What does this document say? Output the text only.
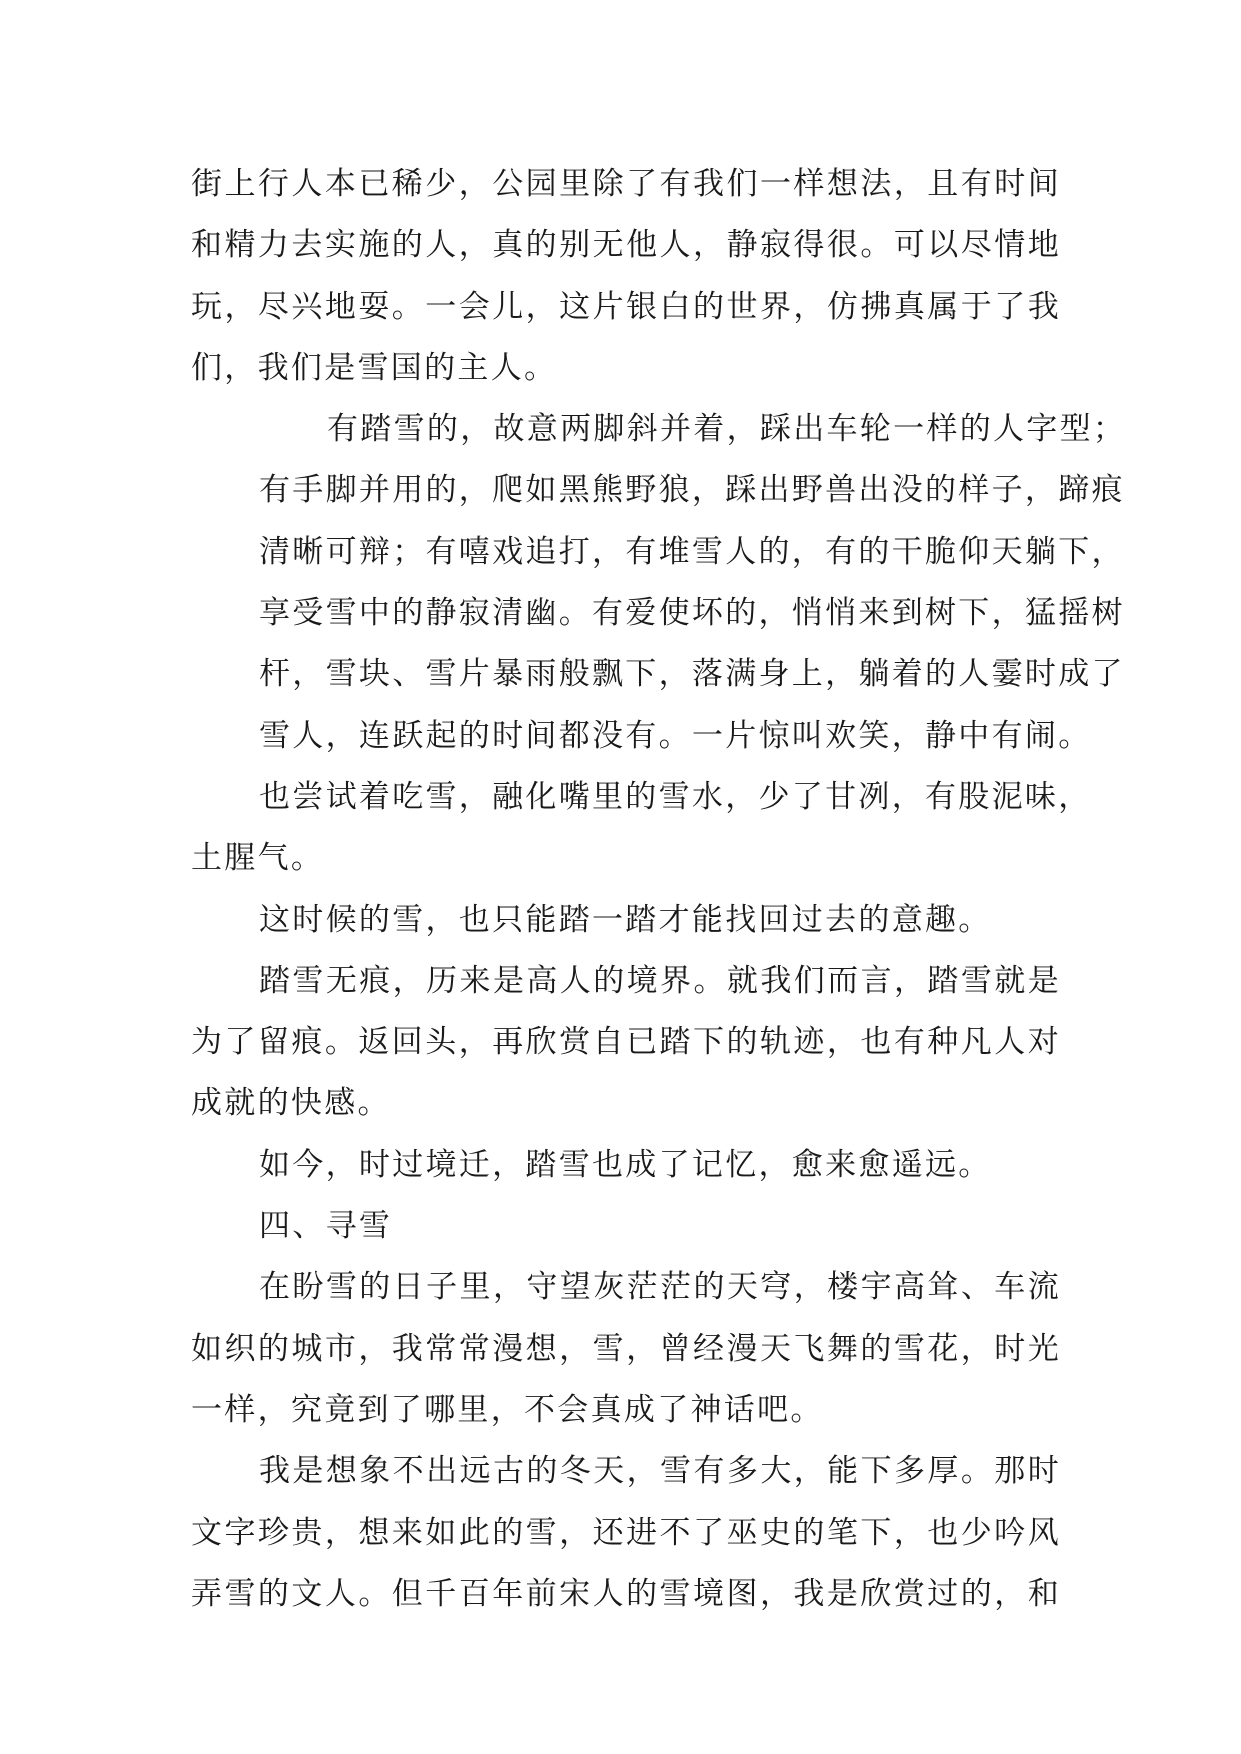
街上行人本已稀少，公园里除了有我们一样想法，且有时间
和精力去实施的人，真的别无他人，静寂得很。可以尽情地
玩，尽兴地耍。一会儿，这片银白的世界，仿拂真属于了我
们，我们是雪国的主人。
有踏雪的，故意两脚斜并着，踩出车轮一样的人字型；
有手脚并用的，爬如黑熊野狼，踩出野兽出没的样子，蹄痕
清晰可辩；有嘻戏追打，有堆雪人的，有的干脆仰天躺下，
享受雪中的静寂清幽。有爱使坏的，悄悄来到树下，猛摇树
杆，雪块、雪片暴雨般飘下，落满身上，躺着的人霎时成了
雪人，连跃起的时间都没有。一片惊叫欢笑，静中有闹。
也尝试着吃雪，融化嘴里的雪水，少了甘冽，有股泥味，
土腥气。
这时候的雪，也只能踏一踏才能找回过去的意趣。
踏雪无痕，历来是高人的境界。就我们而言，踏雪就是
为了留痕。返回头，再欣赏自已踏下的轨迹，也有种凡人对
成就的快感。
如今，时过境迁，踏雪也成了记忆，愈来愈遥远。
四、寻雪
在盼雪的日子里，守望灰茫茫的天穹，楼宇高耸、车流
如织的城市，我常常漫想，雪，曾经漫天飞舞的雪花，时光
一样，究竟到了哪里，不会真成了神话吧。
我是想象不出远古的冬天，雪有多大，能下多厚。那时
文字珍贵，想来如此的雪，还进不了巫史的笔下，也少吟风
弄雪的文人。但千百年前宋人的雪境图，我是欣赏过的，和
